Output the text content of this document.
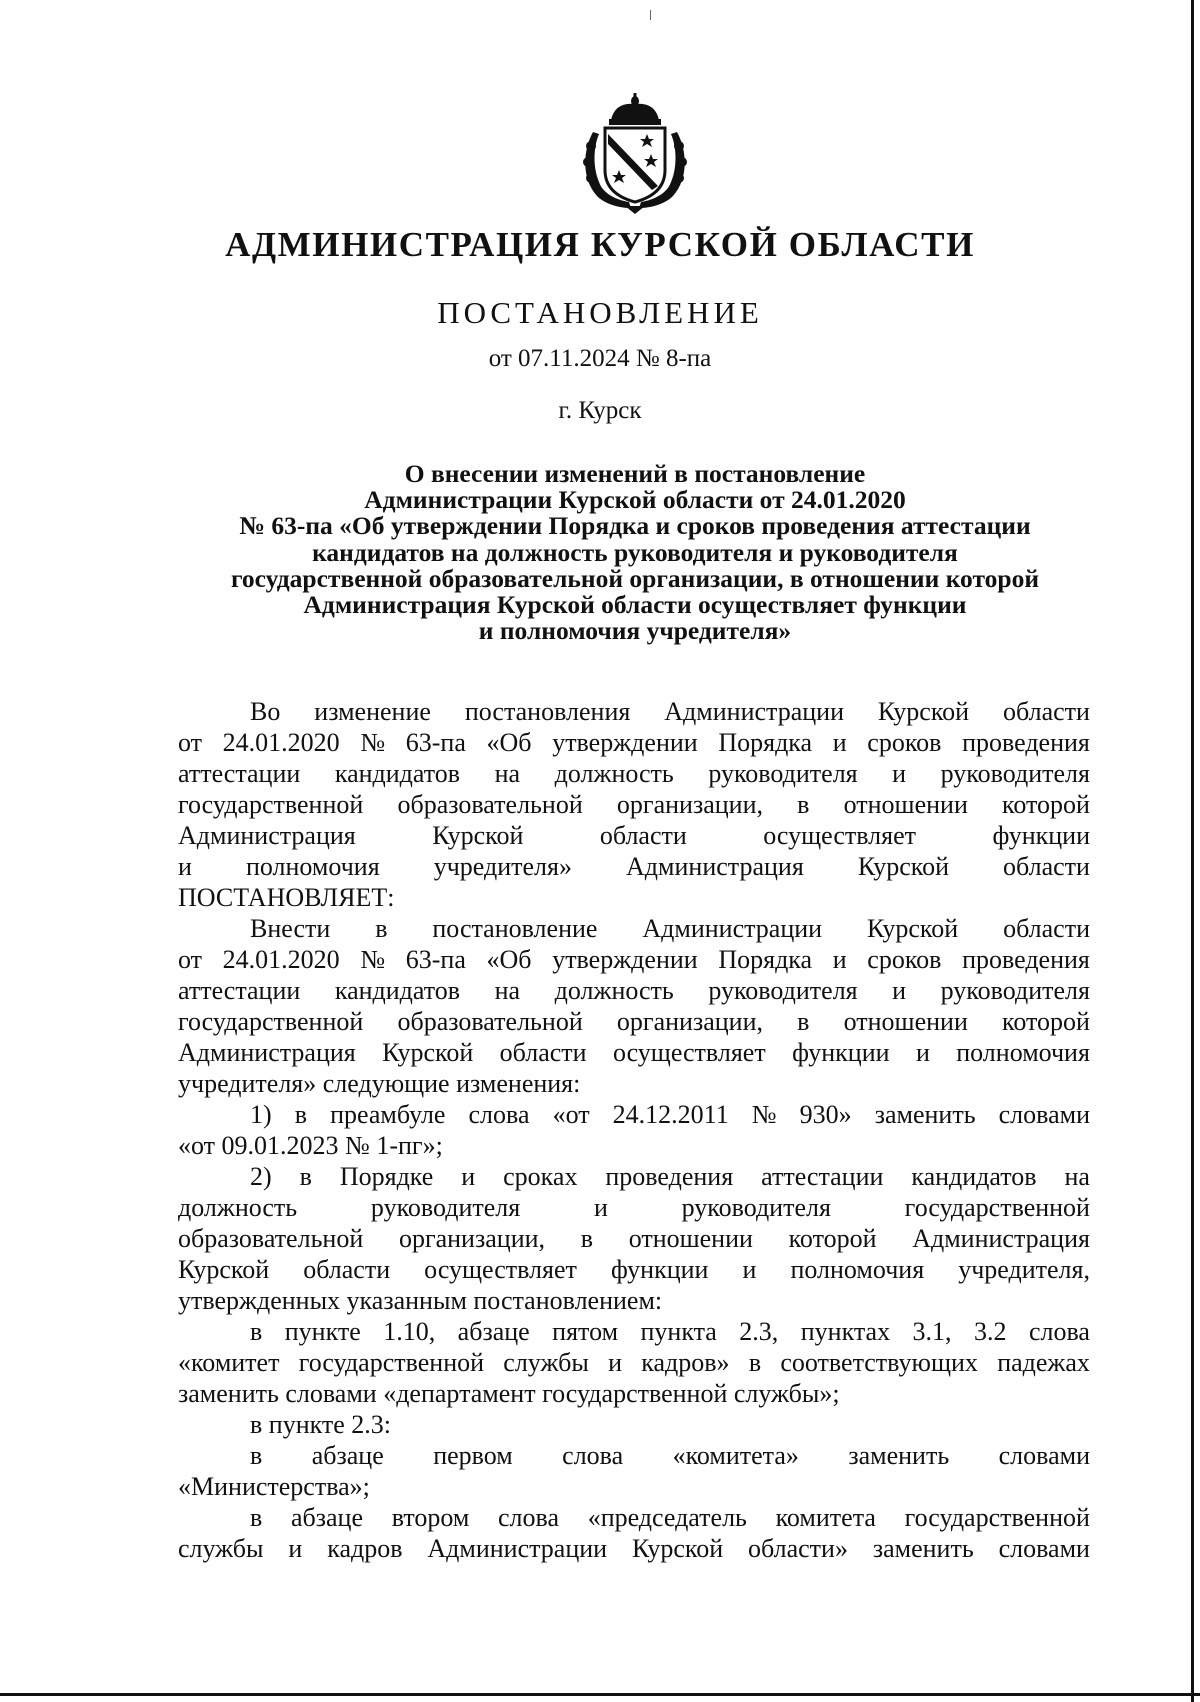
АДМИНИСТРАЦИЯ КУРСКОЙ ОБЛАСТИ
ПОСТАНОВЛЕНИЕ
от 07.11.2024 № 8-па
г. Курск
О внесении изменений в постановление
Администрации Курской области от 24.01.2020
№ 63-па «Об утверждении Порядка и сроков проведения аттестации
кандидатов на должность руководителя и руководителя
государственной образовательной организации, в отношении которой
Администрация Курской области осуществляет функции
и полномочия учредителя»

Во изменение постановления Администрации Курской области
от 24.01.2020 № 63-па «Об утверждении Порядка и сроков проведения
аттестации кандидатов на должность руководителя и руководителя
государственной образовательной организации, в отношении которой
Администрация	Курской	области	осуществляет	функции
и полномочия учредителя» Администрация Курской области
ПОСТАНОВЛЯЕТ:

Внести в постановление Администрации Курской области
от 24.01.2020 № 63-па «Об утверждении Порядка и сроков проведения
аттестации кандидатов на должность руководителя и руководителя
государственной образовательной организации, в отношении которой
Администрация Курской области осуществляет функции и полномочия
учредителя» следующие изменения:

1) в преамбуле слова «от 24.12.2011 № 930» заменить словами
«от 09.01.2023 № 1-пг»;

2) в Порядке и сроках проведения аттестации кандидатов на
должность	руководителя	и	руководителя	государственной
образовательной организации, в отношении которой Администрация
Курской области осуществляет функции и полномочия учредителя,
утвержденных указанным постановлением:

в пункте 1.10, абзаце пятом пункта 2.3, пунктах 3.1, 3.2 слова
«комитет государственной службы и кадров» в соответствующих падежах
заменить словами «департамент государственной службы»;

в пункте 2.3:

в абзаце первом слова «комитета» заменить словами
«Министерства»;

в абзаце втором слова «председатель комитета государственной
службы и кадров Администрации Курской области» заменить словами
